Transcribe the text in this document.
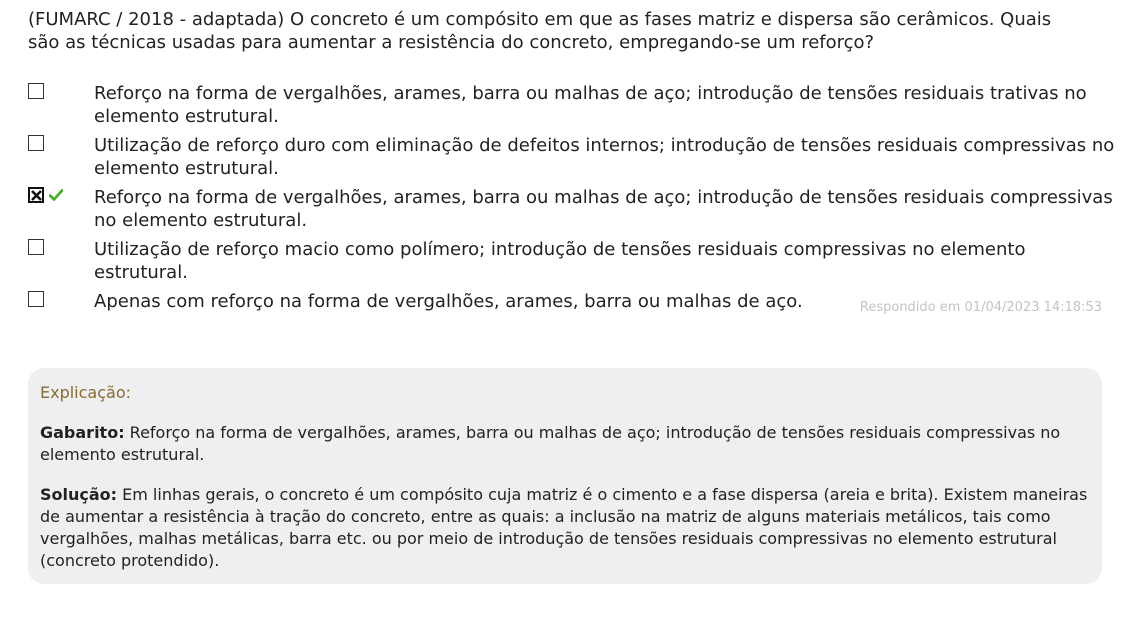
(FUMARC / 2018 - adaptada) O concreto é um compósito em que as fases matriz e dispersa são cerâmicos. Quais são as técnicas usadas para aumentar a resistência do concreto, empregando-se um reforço?

Reforço na forma de vergalhões, arames, barra ou malhas de aço; introdução de tensões residuais trativas no elemento estrutural.
Utilização de reforço duro com eliminação de defeitos internos; introdução de tensões residuais compressivas no elemento estrutural.
Reforço na forma de vergalhões, arames, barra ou malhas de aço; introdução de tensões residuais compressivas no elemento estrutural.
Utilização de reforço macio como polímero; introdução de tensões residuais compressivas no elemento estrutural.
Apenas com reforço na forma de vergalhões, arames, barra ou malhas de aço.	Respondido em 01/04/2023 14:18:53
Explicação:

Gabarito: Reforço na forma de vergalhões, arames, barra ou malhas de aço; introdução de tensões residuais compressivas no elemento estrutural.

Solução: Em linhas gerais, o concreto é um compósito cuja matriz é o cimento e a fase dispersa (areia e brita). Existem maneiras de aumentar a resistência à tração do concreto, entre as quais: a inclusão na matriz de alguns materiais metálicos, tais como vergalhões, malhas metálicas, barra etc. ou por meio de introdução de tensões residuais compressivas no elemento estrutural (concreto protendido).
